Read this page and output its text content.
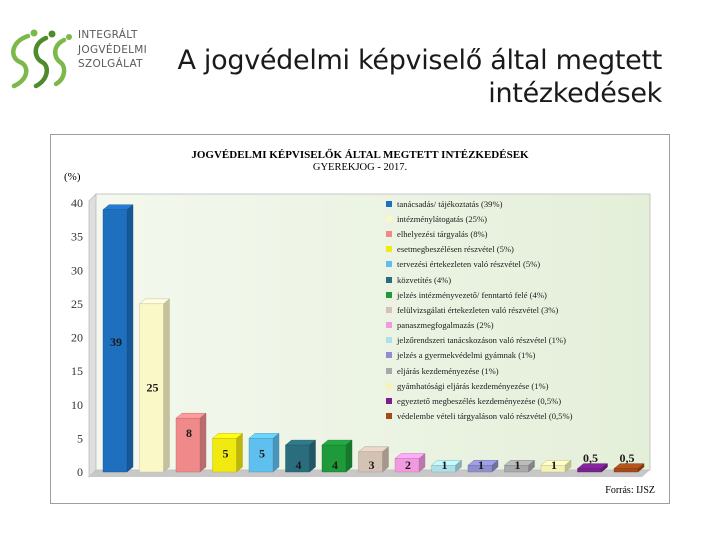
INTEGRÁLT
JOGVÉDELMI
SZOLGÁLAT A jogvédelmi képviselő által megtett
intézkedések
JOGVÉDELMI KÉPVISELŐK ÁLTAL MEGTETT INTÉZKEDÉSEK
GYEREKJOG - 2017.
(%)
Forrás: IJSZ
0
5
10
15
20
25
30
35
40
39
25
8
5	5
4	4	3	2	1	1	1	1 0,5 0,5
tanácsadás/ tájékoztatás (39%)
intézménylátogatás (25%)
elhelyezési tárgyalás (8%)
esetmegbeszélésen részvétel (5%)
tervezési értekezleten való részvétel (5%)
közvetítés (4%)
jelzés intézményvezető/ fenntartó felé (4%)
felülvizsgálati értekezleten való részvétel (3%)
panaszmegfogalmazás (2%)
jelzőrendszeri tanácskozáson való részvétel (1%)
jelzés a gyermekvédelmi gyámnak (1%)
eljárás kezdeményezése (1%)
gyámhatósági eljárás kezdeményezése (1%)
egyeztető megbeszélés kezdeményezése (0,5%)
védelembe vételi tárgyaláson való részvétel (0,5%)
